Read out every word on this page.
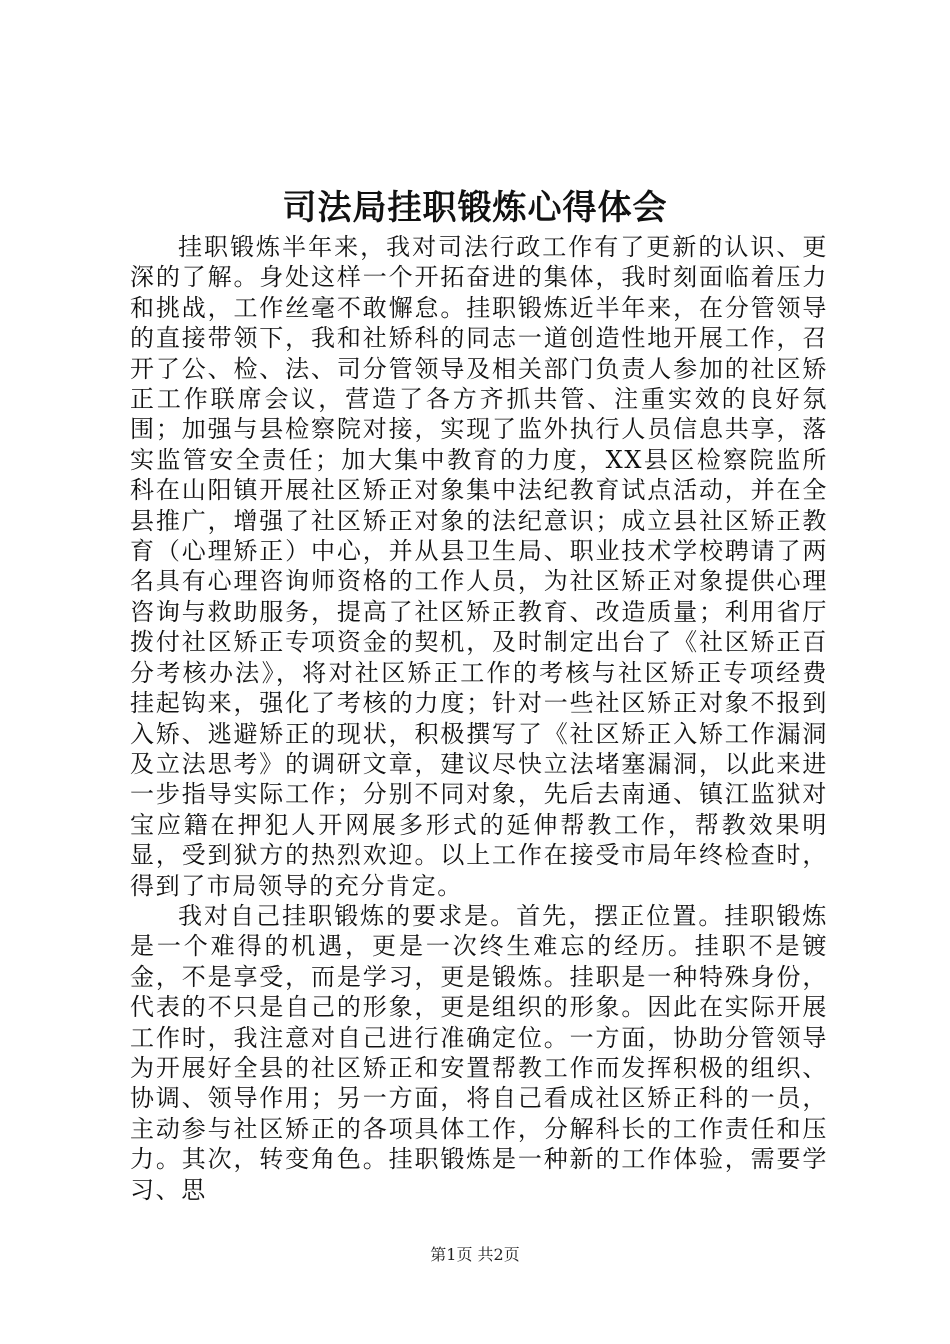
司法局挂职锻炼心得体会

挂职锻炼半年来，我对司法行政工作有了更新的认识、更深的了解。身处这样一个开拓奋进的集体，我时刻面临着压力和挑战，工作丝毫不敢懈怠。挂职锻炼近半年来，在分管领导的直接带领下，我和社矫科的同志一道创造性地开展工作，召开了公、检、法、司分管领导及相关部门负责人参加的社区矫正工作联席会议，营造了各方齐抓共管、注重实效的良好氛围；加强与县检察院对接，实现了监外执行人员信息共享，落实监管安全责任；加大集中教育的力度，XX县区检察院监所科在山阳镇开展社区矫正对象集中法纪教育试点活动，并在全县推广，增强了社区矫正对象的法纪意识；成立县社区矫正教育（心理矫正）中心，并从县卫生局、职业技术学校聘请了两名具有心理咨询师资格的工作人员，为社区矫正对象提供心理咨询与救助服务，提高了社区矫正教育、改造质量；利用省厅拨付社区矫正专项资金的契机，及时制定出台了《社区矫正百分考核办法》，将对社区矫正工作的考核与社区矫正专项经费挂起钩来，强化了考核的力度；针对一些社区矫正对象不报到入矫、逃避矫正的现状，积极撰写了《社区矫正入矫工作漏洞及立法思考》的调研文章，建议尽快立法堵塞漏洞，以此来进一步指导实际工作；分别不同对象，先后去南通、镇江监狱对宝应籍在押犯人开网展多形式的延伸帮教工作，帮教效果明显，受到狱方的热烈欢迎。以上工作在接受市局年终检查时，得到了市局领导的充分肯定。

我对自己挂职锻炼的要求是。首先，摆正位置。挂职锻炼是一个难得的机遇，更是一次终生难忘的经历。挂职不是镀金，不是享受，而是学习，更是锻炼。挂职是一种特殊身份，代表的不只是自己的形象，更是组织的形象。因此在实际开展工作时，我注意对自己进行准确定位。一方面，协助分管领导为开展好全县的社区矫正和安置帮教工作而发挥积极的组织、协调、领导作用；另一方面，将自己看成社区矫正科的一员，主动参与社区矫正的各项具体工作，分解科长的工作责任和压力。其次，转变角色。挂职锻炼是一种新的工作体验，需要学习、思

第1页 共2页
